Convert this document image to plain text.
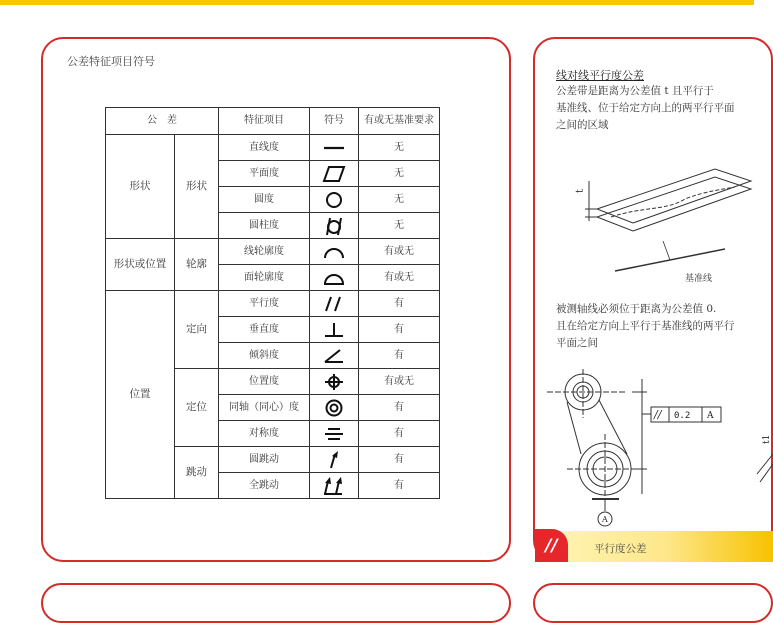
公差特征项目符号
公　差		特征项目	符号	有或无基准要求
形状	形状	直线度		无
		平面度		无
		圆度		无
		圆柱度		无
形状或位置	轮廓	线轮廓度		有或无
		面轮廓度		有或无
位置	定向	平行度		有
		垂直度		有
		倾斜度		有
	定位	位置度		有或无
		同轴（同心）度		有
		对称度		有
	跳动	圆跳动		有
		全跳动		有
线对线平行度公差
公差带是距离为公差值 t 且平行于
基准线、位于给定方向上的两平行平面
之间的区域
t
基准线
被测轴线必须位于距离为公差值 0.
且在给定方向上平行于基准线的两平行
平面之间
// 0.2 A
A
t1
//	平行度公差
